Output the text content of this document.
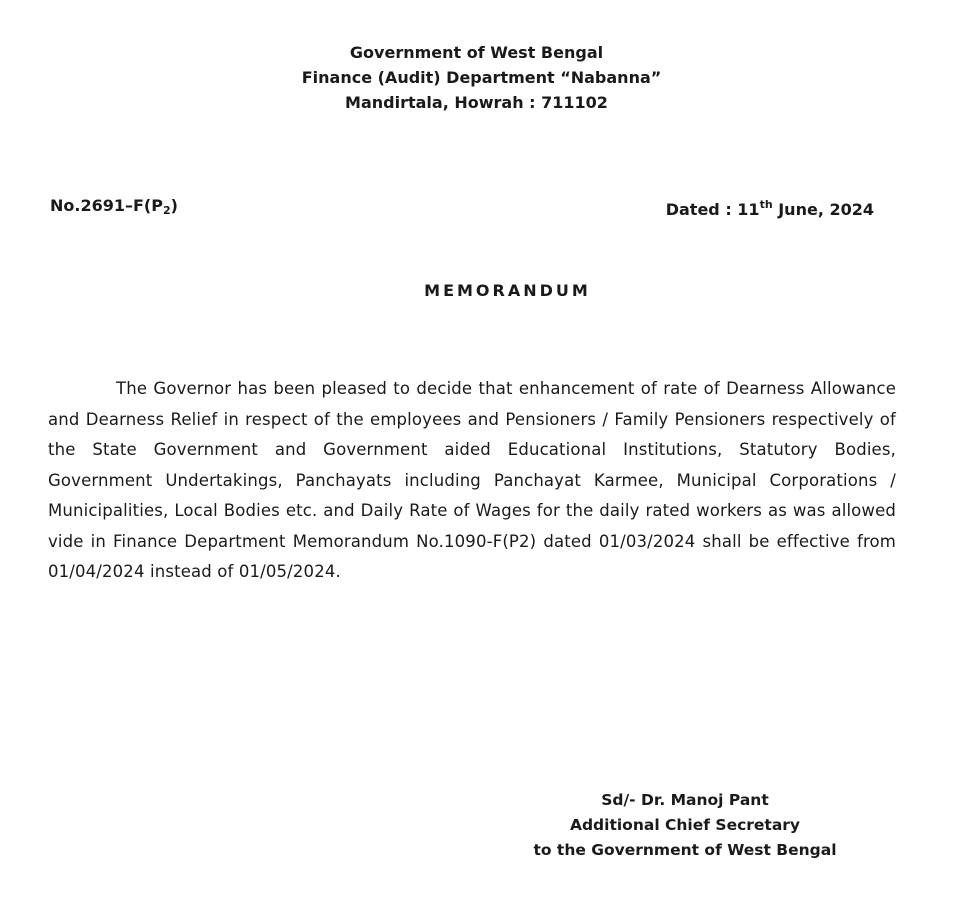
Government of West Bengal
Finance (Audit) Department “Nabanna”
Mandirtala, Howrah : 711102
$No.2691-F(P_2)$	Dated : 11th June, 2024
MEMORANDUM

The Governor has been pleased to decide that enhancement of rate of Dearness Allowance and Dearness Relief in respect of the employees and Pensioners / Family Pensioners respectively of the State Government and Government aided Educational Institutions, Statutory Bodies, Government Undertakings, Panchayats including Panchayat Karmee, Municipal Corporations / Municipalities, Local Bodies etc. and Daily Rate of Wages for the daily rated workers as was allowed vide in Finance Department Memorandum No.1090-F(P2) dated 01/03/2024 shall be effective from 01/04/2024 instead of 01/05/2024.

Sd/- Dr. Manoj Pant
Additional Chief Secretary
to the Government of West Bengal
